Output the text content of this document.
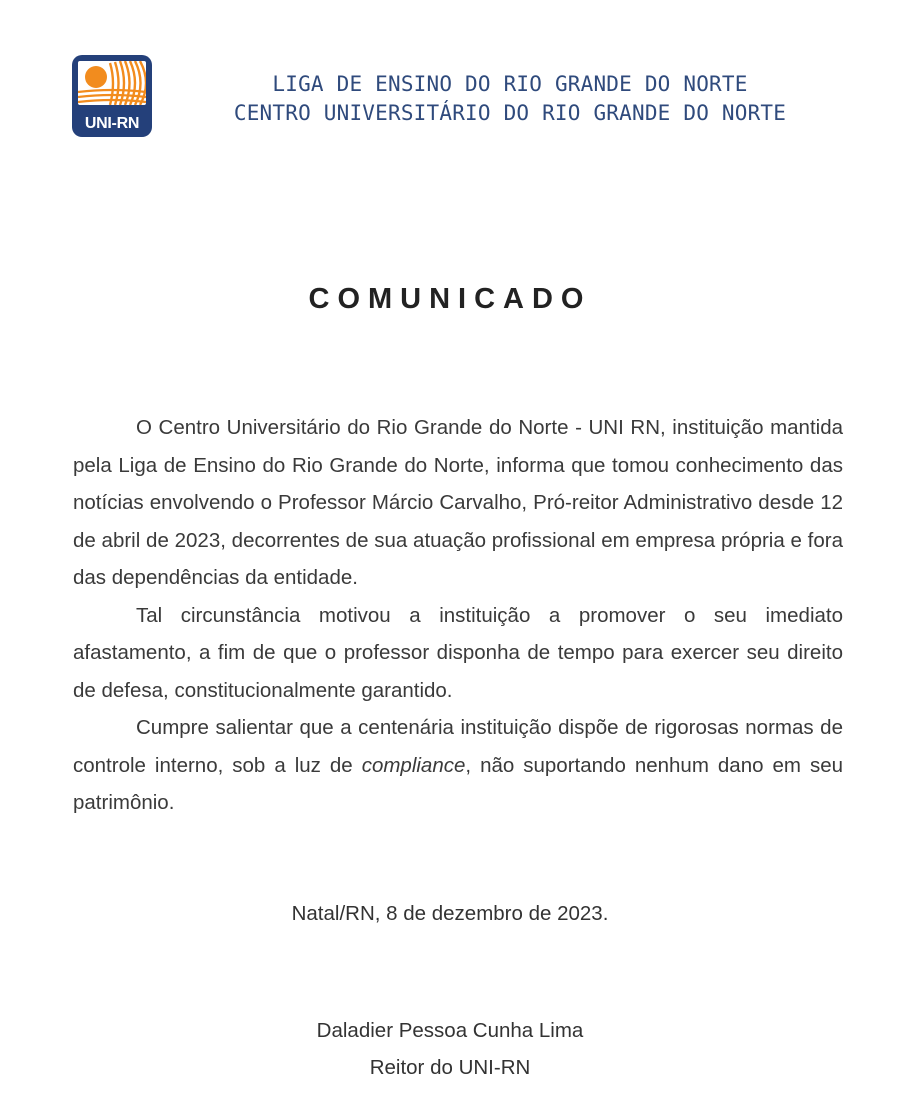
UNI-RN
LIGA DE ENSINO DO RIO GRANDE DO NORTE
CENTRO UNIVERSITÁRIO DO RIO GRANDE DO NORTE
COMUNICADO

O Centro Universitário do Rio Grande do Norte - UNI RN, instituição mantida pela Liga de Ensino do Rio Grande do Norte, informa que tomou conhecimento das notícias envolvendo o Professor Márcio Carvalho, Pró-reitor Administrativo desde 12 de abril de 2023, decorrentes de sua atuação profissional em empresa própria e fora das dependências da entidade.

Tal circunstância motivou a instituição a promover o seu imediato afastamento, a fim de que o professor disponha de tempo para exercer seu direito de defesa, constitucionalmente garantido.

Cumpre salientar que a centenária instituição dispõe de rigorosas normas de controle interno, sob a luz de compliance, não suportando nenhum dano em seu patrimônio.

Natal/RN, 8 de dezembro de 2023.
Daladier Pessoa Cunha Lima
Reitor do UNI-RN
